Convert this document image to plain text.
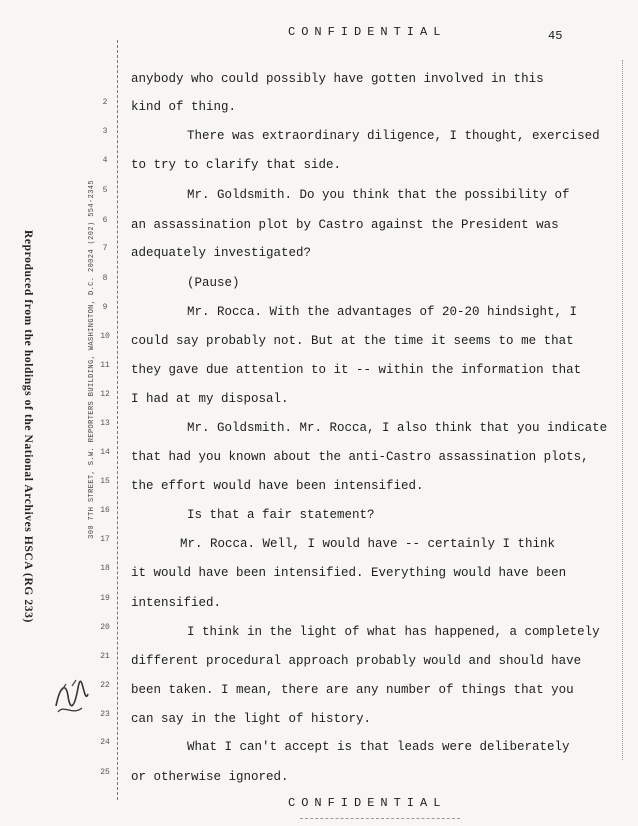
CONFIDENTIAL	45
Reproduced from the holdings of the National Archives HSCA (RG 233)	300 7TH STREET, S.W. REPORTERS BUILDING, WASHINGTON, D.C. 20024 (202) 554-2345
2
3
4
5
6
7
8
9
10
11
12
13
14
15
16
17
18
19
20
21
22
23
24
25
anybody who could possibly have gotten involved in this
kind of thing.
There was extraordinary diligence, I thought, exercised
to try to clarify that side.
Mr. Goldsmith. Do you think that the possibility of
an assassination plot by Castro against the President was
adequately investigated?
(Pause)
Mr. Rocca. With the advantages of 20-20 hindsight, I
could say probably not. But at the time it seems to me that
they gave due attention to it -- within the information that
I had at my disposal.
Mr. Goldsmith. Mr. Rocca, I also think that you indicate
that had you known about the anti-Castro assassination plots,
the effort would have been intensified.
Is that a fair statement?
Mr. Rocca. Well, I would have -- certainly I think
it would have been intensified. Everything would have been
intensified.
I think in the light of what has happened, a completely
different procedural approach probably would and should have
been taken. I mean, there are any number of things that you
can say in the light of history.
What I can't accept is that leads were deliberately
or otherwise ignored.
CONFIDENTIAL
